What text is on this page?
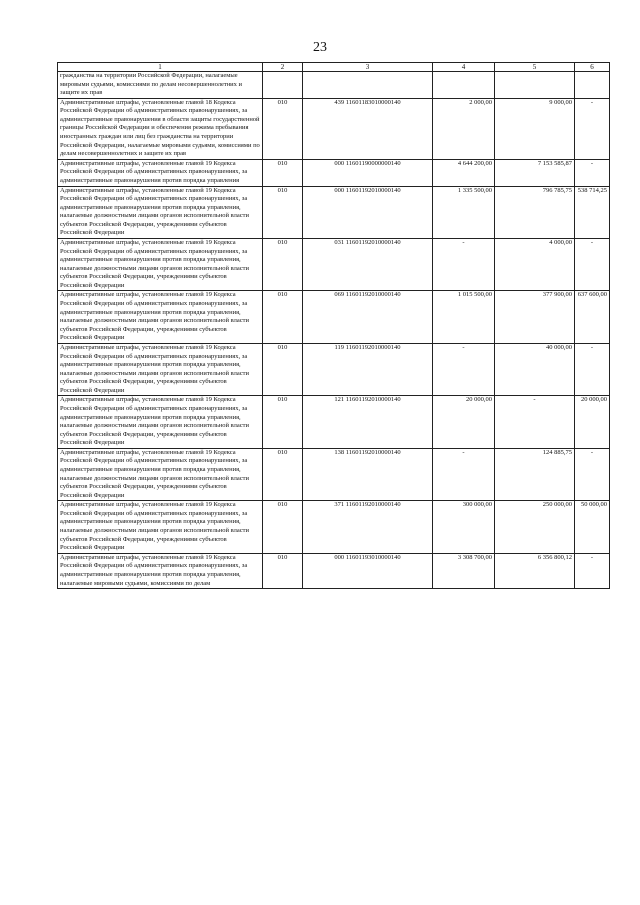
23
1	2	3	4	5	6
гражданства на территории Российской Федерации, налагаемые мировыми судьями, комиссиями по делам несовершеннолетних и защите их прав					
Административные штрафы, установленные главой 18 Кодекса Российской Федерации об административных правонарушениях, за административные правонарушения в области защиты государственной границы Российской Федерации и обеспечения режима пребывания иностранных граждан или лиц без гражданства на территории Российской Федерации, налагаемые мировыми судьями, комиссиями по делам несовершеннолетних и защите их прав	010	439 11601183010000140	2 000,00	9 000,00	-
Административные штрафы, установленные главой 19 Кодекса Российской Федерации об административных правонарушениях, за административные правонарушения против порядка управления	010	000 11601190000000140	4 644 200,00	7 153 585,87	-
Административные штрафы, установленные главой 19 Кодекса Российской Федерации об административных правонарушениях, за административные правонарушения против порядка управления, налагаемые должностными лицами органов исполнительной власти субъектов Российской Федерации, учреждениями субъектов Российской Федерации	010	000 11601192010000140	1 335 500,00	796 785,75	538 714,25
Административные штрафы, установленные главой 19 Кодекса Российской Федерации об административных правонарушениях, за административные правонарушения против порядка управления, налагаемые должностными лицами органов исполнительной власти субъектов Российской Федерации, учреждениями субъектов Российской Федерации	010	031 11601192010000140	-	4 000,00	-
Административные штрафы, установленные главой 19 Кодекса Российской Федерации об административных правонарушениях, за административные правонарушения против порядка управления, налагаемые должностными лицами органов исполнительной власти субъектов Российской Федерации, учреждениями субъектов Российской Федерации	010	069 11601192010000140	1 015 500,00	377 900,00	637 600,00
Административные штрафы, установленные главой 19 Кодекса Российской Федерации об административных правонарушениях, за административные правонарушения против порядка управления, налагаемые должностными лицами органов исполнительной власти субъектов Российской Федерации, учреждениями субъектов Российской Федерации	010	119 11601192010000140	-	40 000,00	-
Административные штрафы, установленные главой 19 Кодекса Российской Федерации об административных правонарушениях, за административные правонарушения против порядка управления, налагаемые должностными лицами органов исполнительной власти субъектов Российской Федерации, учреждениями субъектов Российской Федерации	010	121 11601192010000140	20 000,00	-	20 000,00
Административные штрафы, установленные главой 19 Кодекса Российской Федерации об административных правонарушениях, за административные правонарушения против порядка управления, налагаемые должностными лицами органов исполнительной власти субъектов Российской Федерации, учреждениями субъектов Российской Федерации	010	138 11601192010000140	-	124 885,75	-
Административные штрафы, установленные главой 19 Кодекса Российской Федерации об административных правонарушениях, за административные правонарушения против порядка управления, налагаемые должностными лицами органов исполнительной власти субъектов Российской Федерации, учреждениями субъектов Российской Федерации	010	371 11601192010000140	300 000,00	250 000,00	50 000,00
Административные штрафы, установленные главой 19 Кодекса Российской Федерации об административных правонарушениях, за административные правонарушения против порядка управления, налагаемые мировыми судьями, комиссиями по делам	010	000 11601193010000140	3 308 700,00	6 356 800,12	-
